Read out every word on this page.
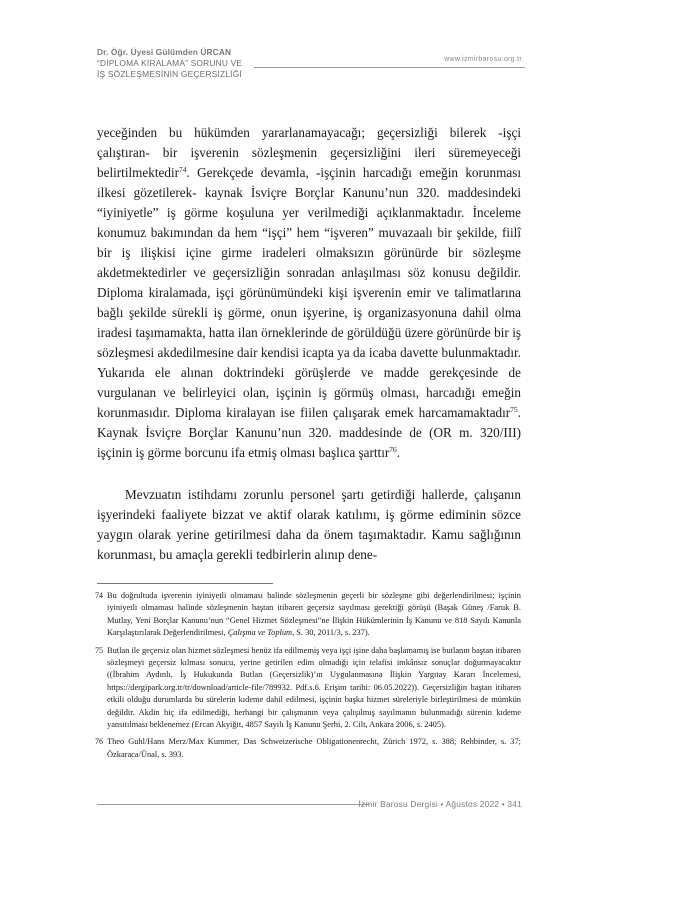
Dr. Öğr. Üyesi Gülümden ÜRCAN
“DİPLOMA KİRALAMA” SORUNU VE
İŞ SÖZLEŞMESİNİN GEÇERSİZLİĞİ
www.izmirbarosu.org.tr

yeceğinden bu hükümden yararlanamayacağı; geçersizliği bilerek -işçi çalıştıran- bir işverenin sözleşmenin geçersizliğini ileri süremeyeceği belirtilmektedir$^{74}$. Gerekçede devamla, -işçinin harcadığı emeğin korunması ilkesi gözetilerek- kaynak İsviçre Borçlar Kanunu’nun 320. maddesindeki “iyiniyetle” iş görme koşuluna yer verilmediği açıklanmaktadır. İnceleme konumuz bakımından da hem “işçi” hem “işveren” muvazaalı bir şekilde, fiilî bir iş ilişkisi içine girme iradeleri olmaksızın görünürde bir sözleşme akdetmektedirler ve geçersizliğin sonradan anlaşılması söz konusu değildir. Diploma kiralamada, işçi görünümündeki kişi işverenin emir ve talimatlarına bağlı şekilde sürekli iş görme, onun işyerine, iş organizasyonuna dahil olma iradesi taşımamakta, hatta ilan örneklerinde de görüldüğü üzere görünürde bir iş sözleşmesi akdedilmesine dair kendisi icapta ya da icaba davette bulunmaktadır. Yukarıda ele alınan doktrindeki görüşlerde ve madde gerekçesinde de vurgulanan ve belirleyici olan, işçinin iş görmüş olması, harcadığı emeğin korunmasıdır. Diploma kiralayan ise fiilen çalışarak emek harcamamaktadır$^{75}$. Kaynak İsviçre Borçlar Kanunu’nun 320. maddesinde de (OR m. 320/III) işçinin iş görme borcunu ifa etmiş olması başlıca şarttır$^{76}$.

Mevzuatın istihdamı zorunlu personel şartı getirdiği hallerde, çalışanın işyerindeki faaliyete bizzat ve aktif olarak katılımı, iş görme ediminin sözce yaygın olarak yerine getirilmesi daha da önem taşımaktadır. Kamu sağlığının korunması, bu amaçla gerekli tedbirlerin alınıp dene-

74 Bu doğrultuda işverenin iyiniyetli olmaması halinde sözleşmenin geçerli bir sözleşme gibi değerlendirilmesi; işçinin iyiniyetli olmaması halinde sözleşmenin baştan itibaren geçersiz sayılması gerektiği görüşü (Başak Güneş /Faruk B. Mutlay, Yeni Borçlar Kanunu’nun “Genel Hizmet Sözleşmesi”ne İlişkin Hükümlerinin İş Kanunu ve 818 Sayılı Kanunla Karşılaştırılarak Değerlendirilmesi, Çalışma ve Toplum, S. 30, 2011/3, s. 237).
75 Butlan ile geçersiz olan hizmet sözleşmesi henüz ifa edilmemiş veya işçi işine daha başlamamış ise butlanın baştan itibaren sözleşmeyi geçersiz kılması sonucu, yerine getirilen edim olmadığı için telafisi imkânsız sonuçlar doğurmayacaktır ((İbrahim Aydınlı, İş Hukukunda Butlan (Geçersizlik)’ın Uygulanmasına İlişkin Yargıtay Kararı İncelemesi, https://dergipark.org.tr/tr/download/article-file/789932. Pdf.s.6. Erişim tarihi: 06.05.2022)). Geçersizliğin baştan itibaren etkili olduğu durumlarda bu sürelerin kıdeme dahil edilmesi, işçinin başka hizmet süreleriyle birleştirilmesi de mümkün değildir. Akdin hiç ifa edilmediği, herhangi bir çalışmanın veya çalışılmış sayılmanın bulunmadığı sürenin kıdeme yansıtılması beklenemez (Ercan Akyiğit, 4857 Sayılı İş Kanunu Şerhi, 2. Cilt, Ankara 2006, s. 2405).
76 Theo Guhl/Hans Merz/Max Kummer, Das Schweizerische Obligationenrecht, Zürich 1972, s. 388; Rehbinder, s. 37; Özkaraca/Ünal, s. 393.
İzmir Barosu Dergisi • Ağustos 2022 • 341
